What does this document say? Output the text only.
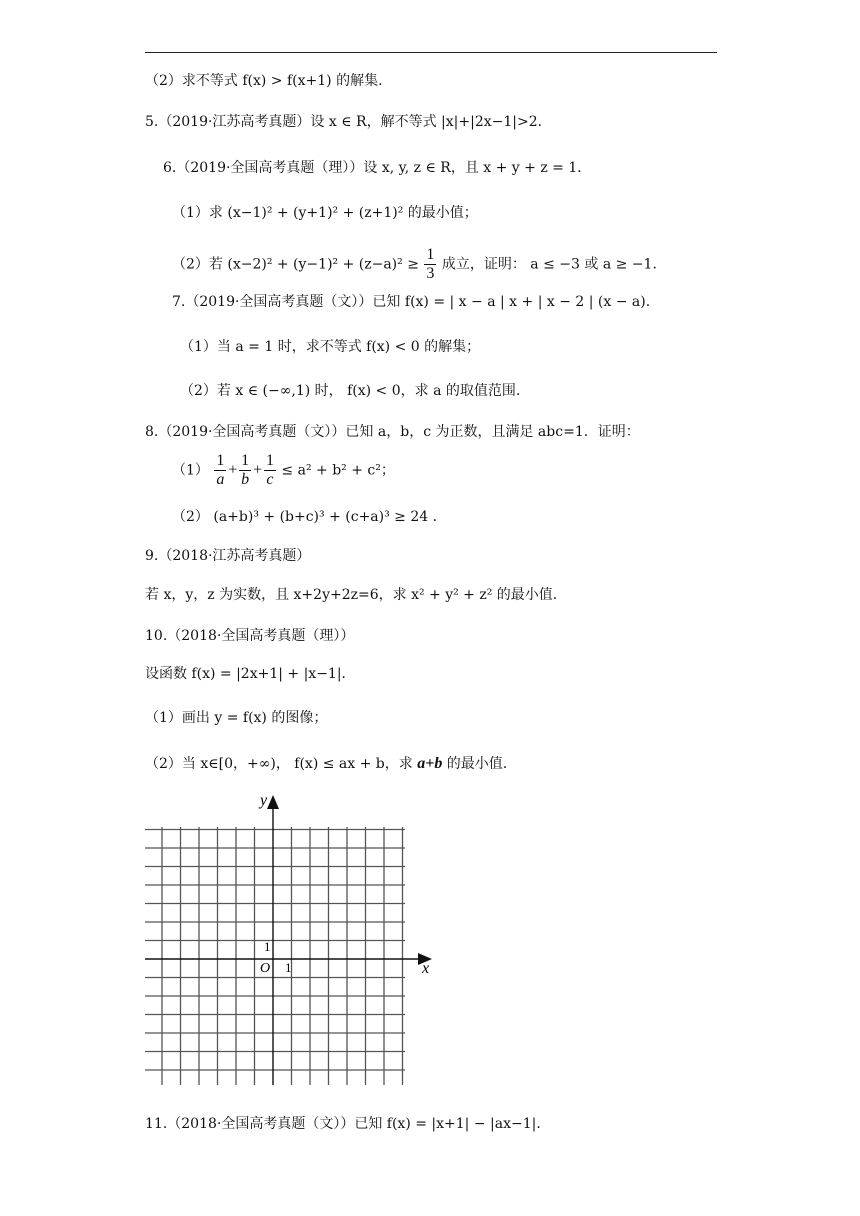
（2）求不等式 f(x) > f(x+1) 的解集.
5.（2019·江苏高考真题）设 x ∈ R，解不等式 |x|+|2x−1|>2．
6.（2019·全国高考真题（理））设 x, y, z ∈ R，且 x + y + z = 1．
（1）求 (x−1)² + (y+1)² + (z+1)² 的最小值；
（2）若 $(x-2)^2 + (y-1)^2 + (z-a)^2 \ge \frac{1}{3}$ 成立，证明： a ≤ −3 或 a ≥ −1．
7.（2019·全国高考真题（文））已知 f(x) = | x − a | x + | x − 2 | (x − a).
（1）当 a = 1 时，求不等式 f(x) < 0 的解集；
（2）若 x ∈ (−∞,1) 时， f(x) < 0，求 a 的取值范围.
8.（2019·全国高考真题（文））已知 a，b，c 为正数，且满足 abc=1．证明：
$(1) \frac{1}{a} + \frac{1}{b} + \frac{1}{c} \le a^2 + b^2 + c^2$；
（2） (a+b)³ + (b+c)³ + (c+a)³ ≥ 24 ．
9.（2018·江苏高考真题）
若 x，y，z 为实数，且 x+2y+2z=6，求 x² + y² + z² 的最小值.
10.（2018·全国高考真题（理））
设函数 f(x) = |2x+1| + |x−1|．
（1）画出 y = f(x) 的图像；
（2）当 x∈[0，+∞)， f(x) ≤ ax + b，求 a+b 的最小值.
y
x
O 1
1
11.（2018·全国高考真题（文））已知 f(x) = |x+1| − |ax−1|．
